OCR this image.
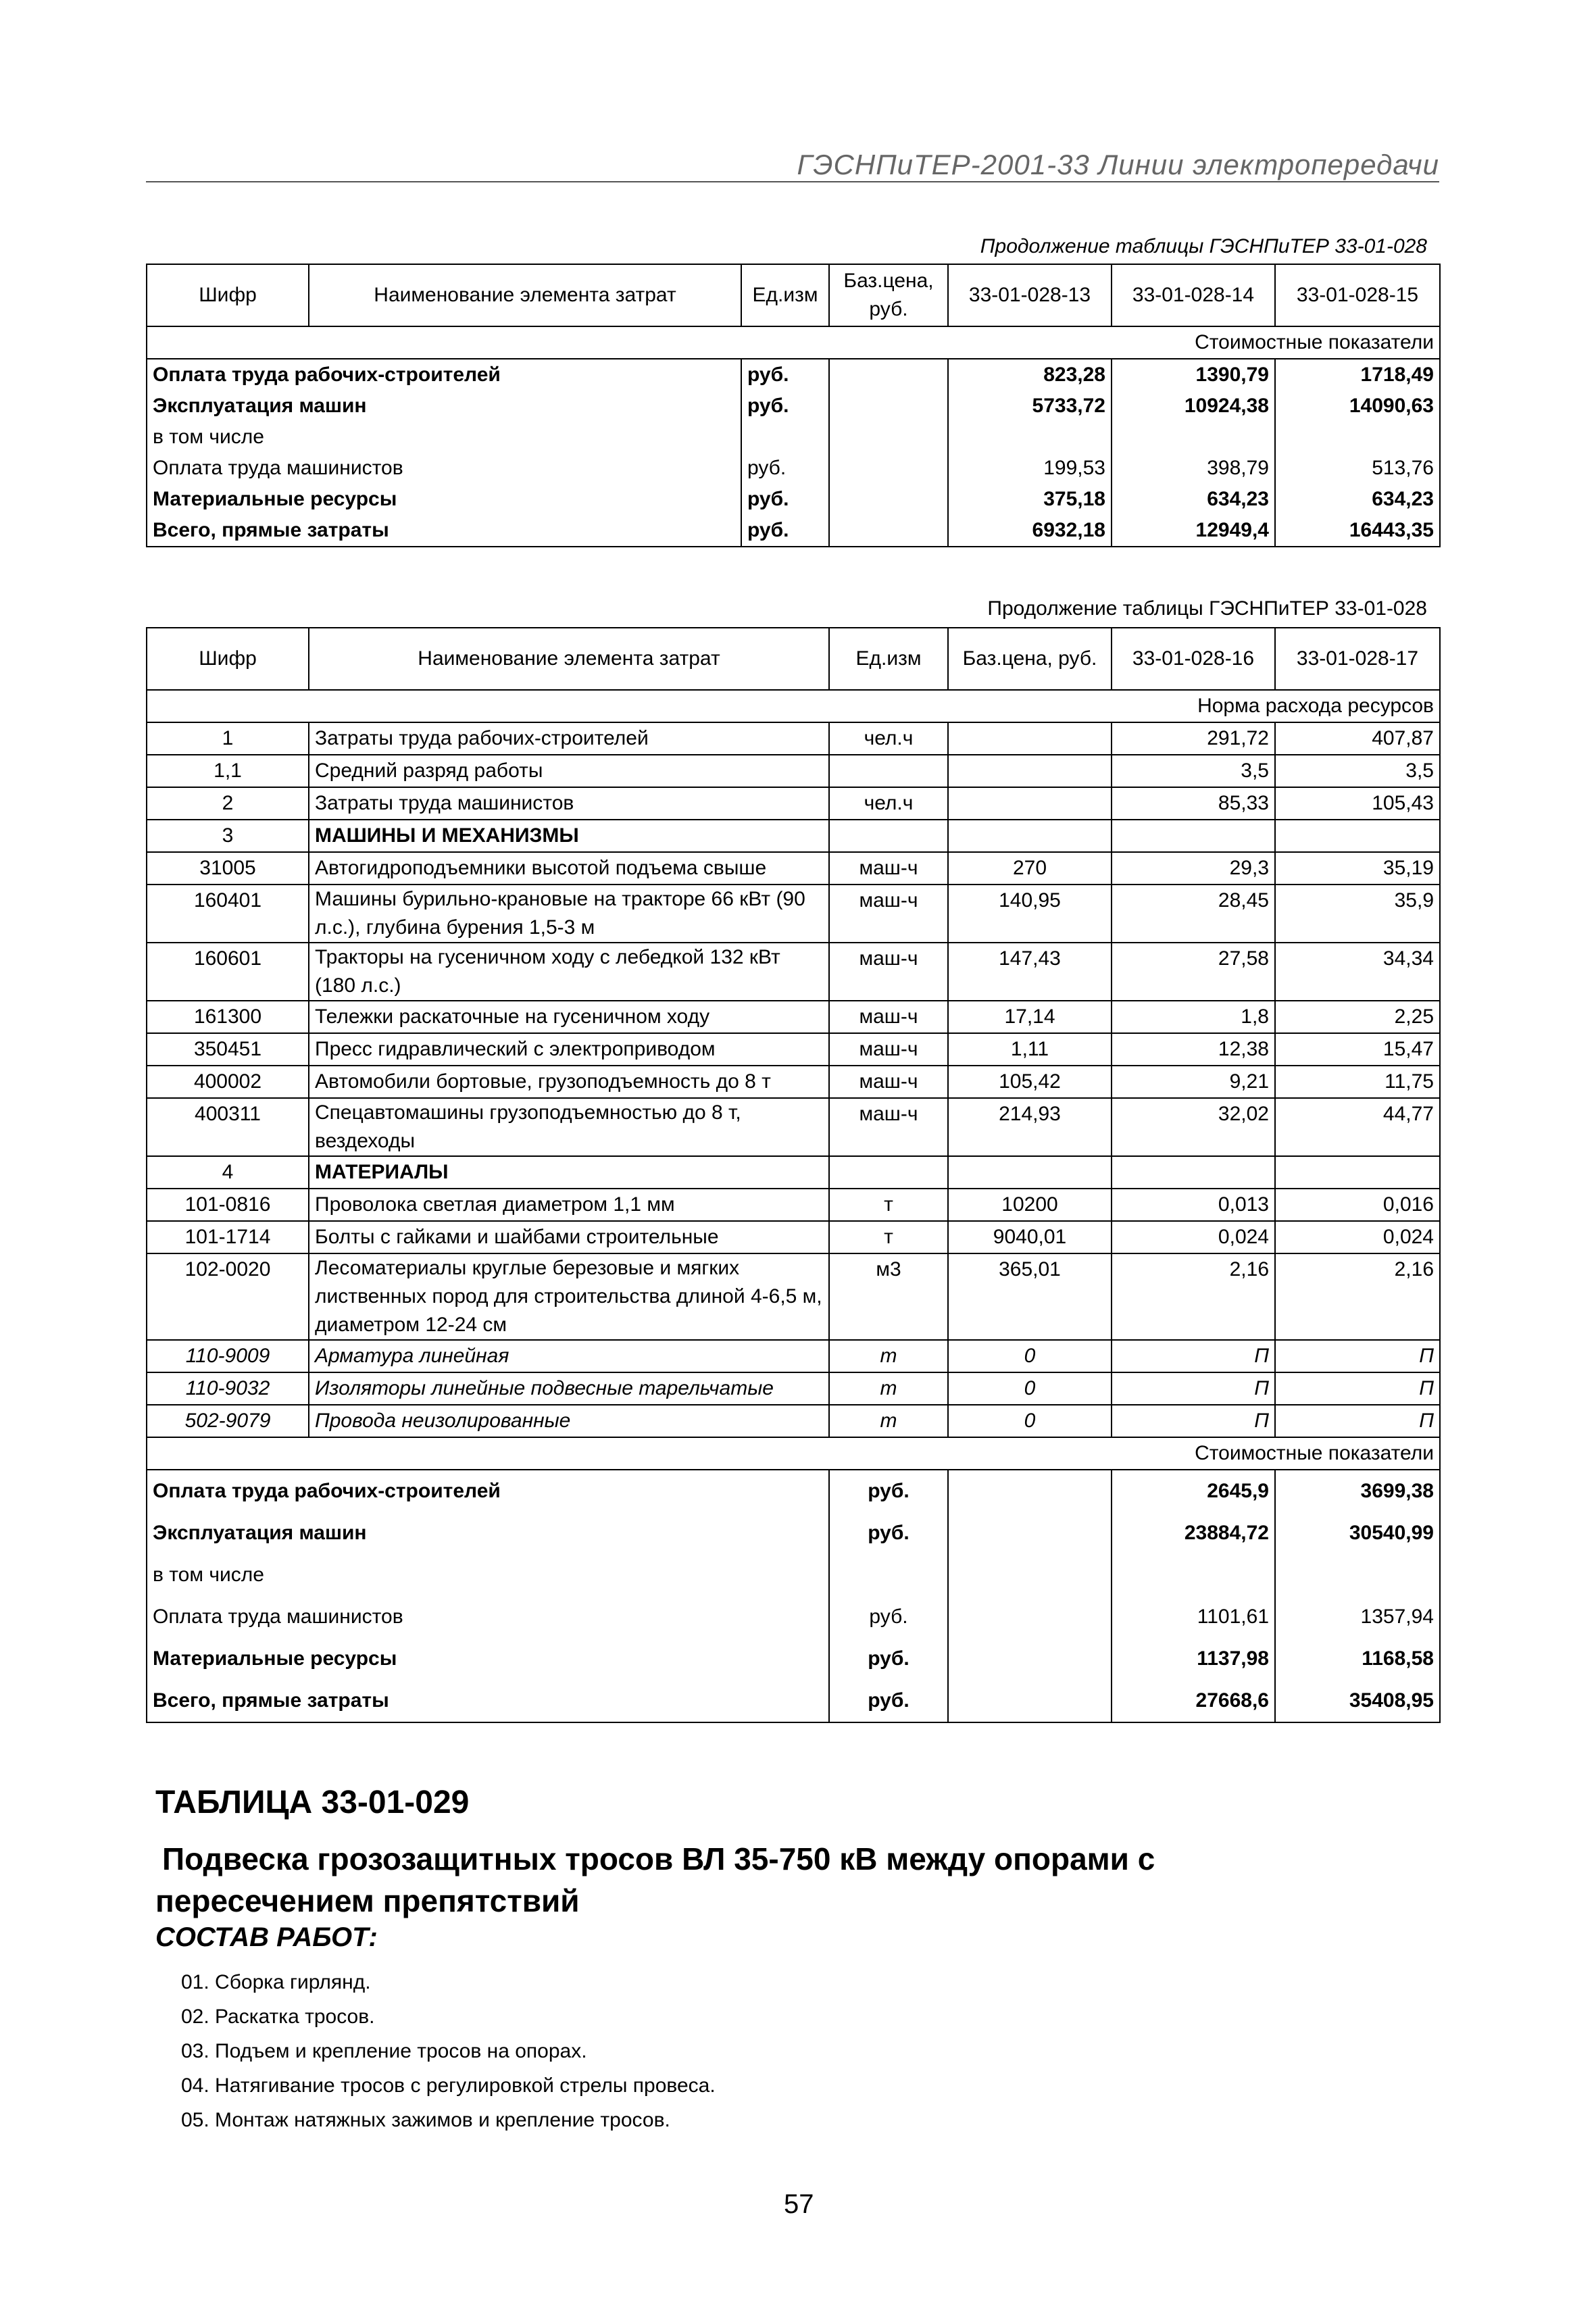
ГЭСНПиТЕР-2001-33 Линии электропередачи
Продолжение таблицы ГЭСНПиТЕР 33-01-028
Шифр	Наименование элемента затрат	Ед.изм	Баз.цена, руб.	33-01-028-13	33-01-028-14	33-01-028-15
Стоимостные показатели						
Оплата труда рабочих-строителей		руб.		823,28	1390,79	1718,49
Эксплуатация машин		руб.		5733,72	10924,38	14090,63
в том числе						
Оплата труда машинистов		руб.		199,53	398,79	513,76
Материальные ресурсы		руб.		375,18	634,23	634,23
Всего, прямые затраты		руб.		6932,18	12949,4	16443,35
Продолжение таблицы ГЭСНПиТЕР 33-01-028
Шифр	Наименование элемента затрат	Ед.изм	Баз.цена, руб.	33-01-028-16	33-01-028-17
Норма расхода ресурсов					
1	Затраты труда рабочих-строителей	чел.ч		291,72	407,87
1,1	Средний разряд работы			3,5	3,5
2	Затраты труда машинистов	чел.ч		85,33	105,43
3	МАШИНЫ И МЕХАНИЗМЫ				
31005	Автогидроподъемники высотой подъема свыше	маш-ч	270	29,3	35,19
160401	Машины бурильно-крановые на тракторе 66 кВт (90 л.с.), глубина бурения 1,5-3 м	маш-ч	140,95	28,45	35,9
160601	Тракторы на гусеничном ходу с лебедкой 132 кВт (180 л.с.)	маш-ч	147,43	27,58	34,34
161300	Тележки раскаточные на гусеничном ходу	маш-ч	17,14	1,8	2,25
350451	Пресс гидравлический с электроприводом	маш-ч	1,11	12,38	15,47
400002	Автомобили бортовые, грузоподъемность до 8 т	маш-ч	105,42	9,21	11,75
400311	Спецавтомашины грузоподъемностью до 8 т, вездеходы	маш-ч	214,93	32,02	44,77
4	МАТЕРИАЛЫ				
101-0816	Проволока светлая диаметром 1,1 мм	т	10200	0,013	0,016
101-1714	Болты с гайками и шайбами строительные	т	9040,01	0,024	0,024
102-0020	Лесоматериалы круглые березовые и мягких лиственных пород для строительства длиной 4-6,5 м, диаметром 12-24 см	м3	365,01	2,16	2,16
110-9009	Арматура линейная	т	0	П	П
110-9032	Изоляторы линейные подвесные тарельчатые	т	0	П	П
502-9079	Провода неизолированные	т	0	П	П
Стоимостные показатели					
Оплата труда рабочих-строителей		руб.		2645,9	3699,38
Эксплуатация машин		руб.		23884,72	30540,99
в том числе					
Оплата труда машинистов		руб.		1101,61	1357,94
Материальные ресурсы		руб.		1137,98	1168,58
Всего, прямые затраты		руб.		27668,6	35408,95
ТАБЛИЦА 33-01-029
Подвеска грозозащитных тросов ВЛ 35-750 кВ между опорами с пересечением препятствий
СОСТАВ РАБОТ:
01. Сборка гирлянд.
02. Раскатка тросов.
03. Подъем и крепление тросов на опорах.
04. Натягивание тросов с регулировкой стрелы провеса.
05. Монтаж натяжных зажимов и крепление тросов.
57
